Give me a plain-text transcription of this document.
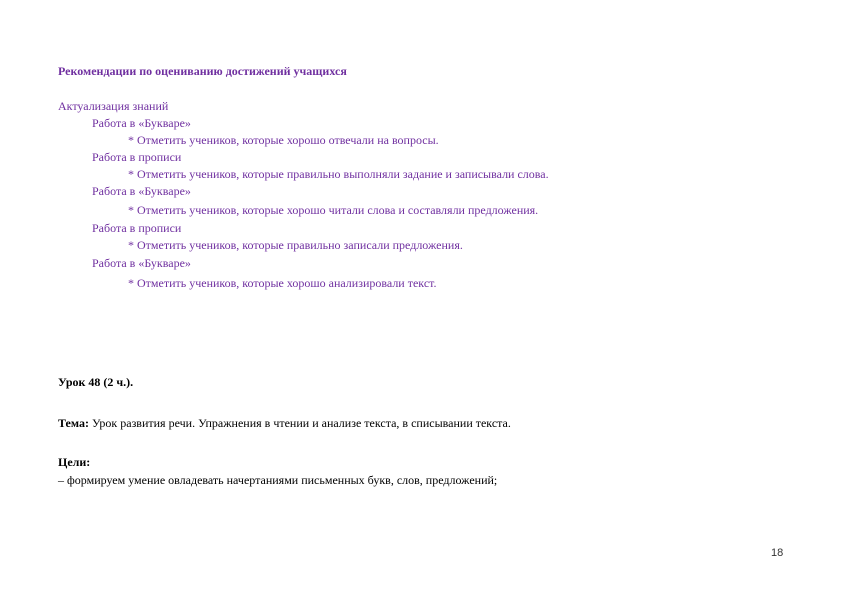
Рекомендации по оцениванию достижений учащихся
Актуализация знаний
Работа в «Букваре»
* Отметить учеников, которые хорошо отвечали на вопросы.
Работа в прописи
* Отметить учеников, которые правильно выполняли задание и записывали слова.
Работа в «Букваре»
* Отметить учеников, которые хорошо читали слова и составляли предложения.
Работа в прописи
* Отметить учеников, которые правильно записали предложения.
Работа в «Букваре»
* Отметить учеников, которые хорошо анализировали текст.
Урок 48 (2 ч.).
Тема: Урок развития речи. Упражнения в чтении и анализе текста, в списывании текста.
Цели:
– формируем умение овладевать начертаниями письменных букв, слов, предложений;
18
